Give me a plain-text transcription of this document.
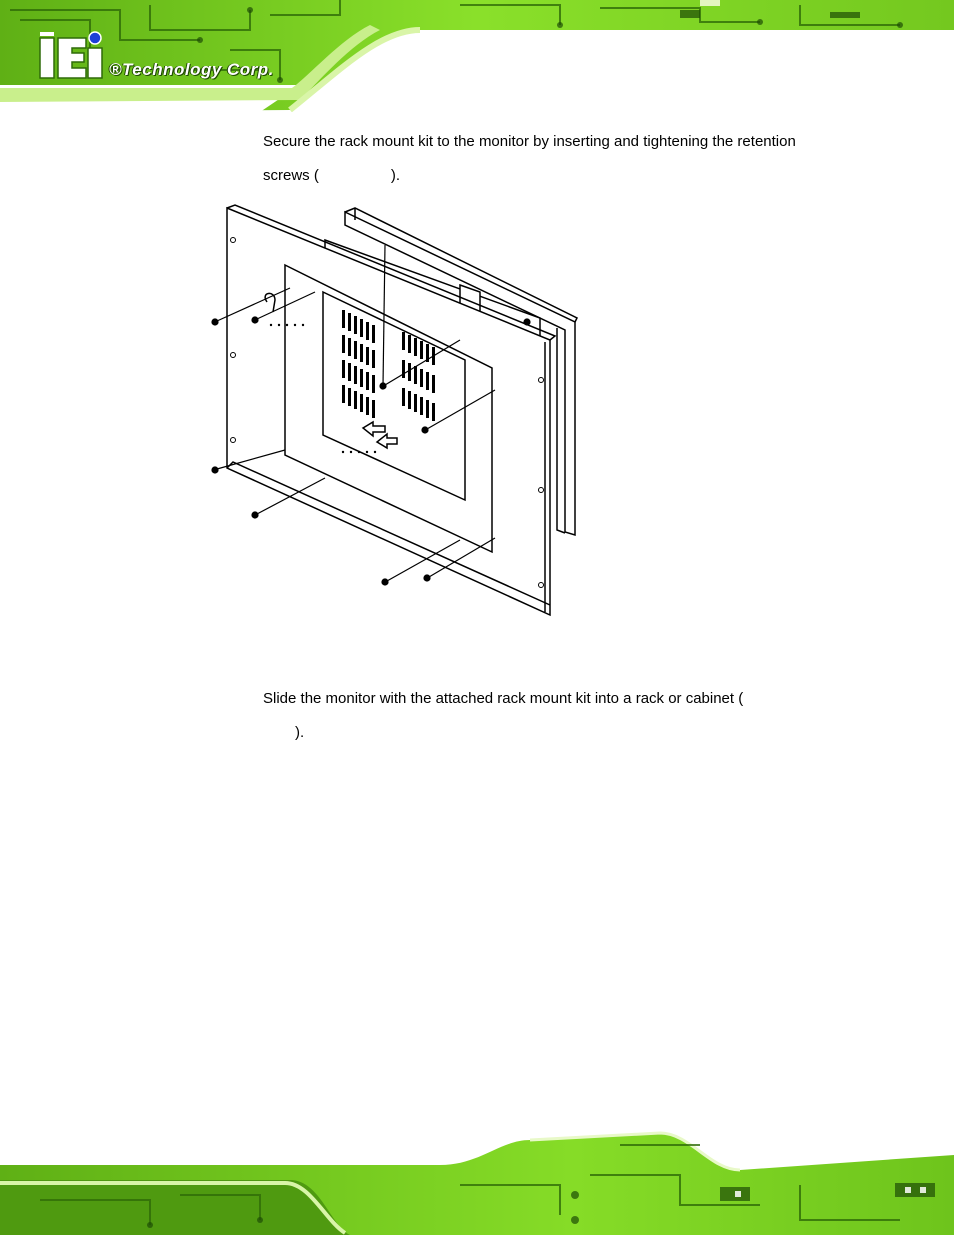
®Technology Corp.
Secure the rack mount kit to the monitor by inserting and tightening the retention
screws (	).
Slide the monitor with the attached rack mount kit into a rack or cabinet (
).
